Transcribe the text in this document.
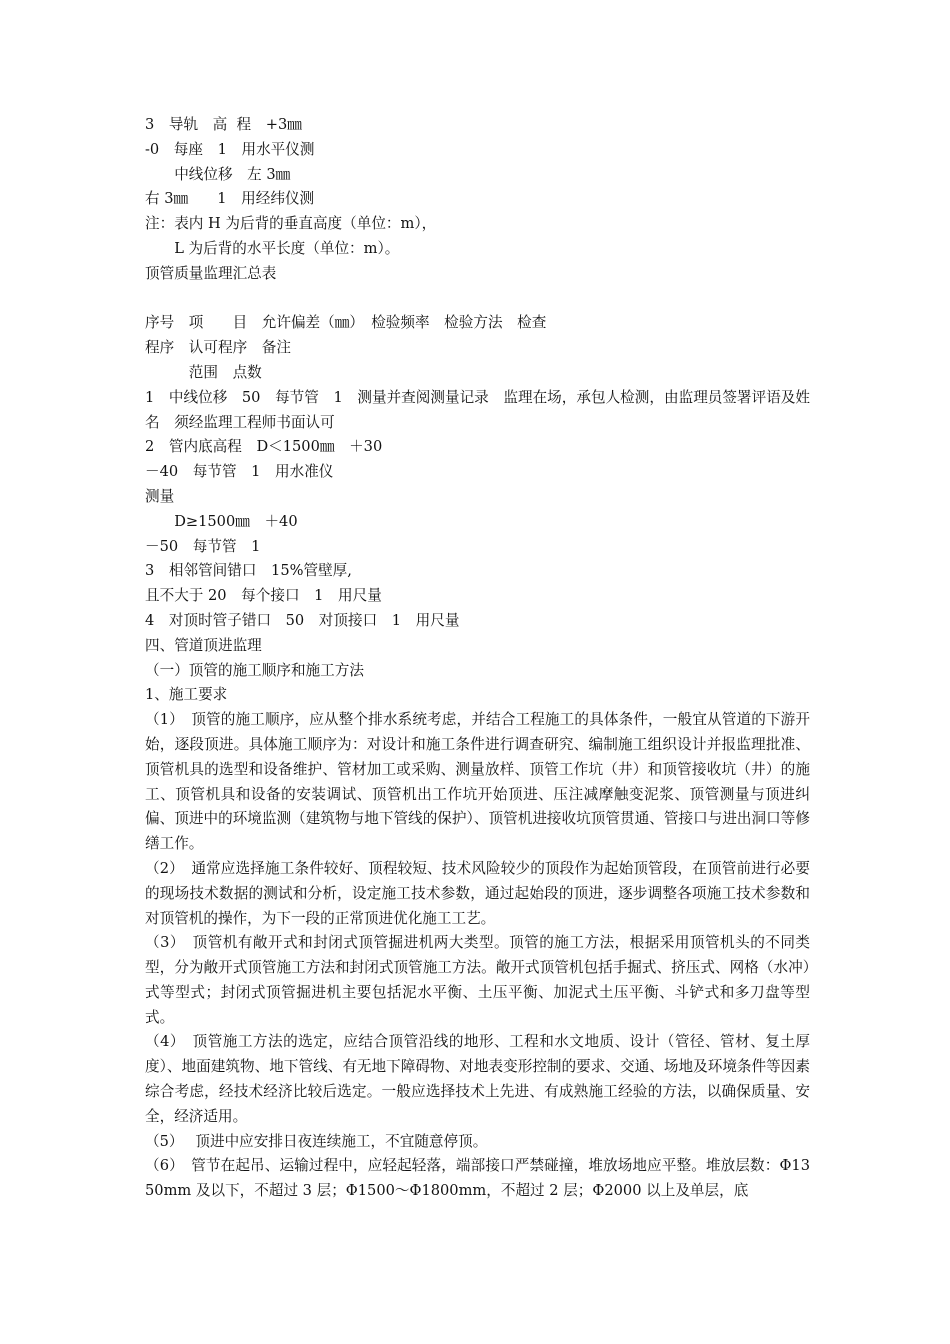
3　导轨　高  程　+3㎜

-0　每座　1　用水平仪测

　　中线位移　左 3㎜

右 3㎜　　1　用经纬仪测

注：表内 H 为后背的垂直高度（单位：m），

　　L 为后背的水平长度（单位：m）。

顶管质量监理汇总表

序号　项　　目　允许偏差（㎜）　检验频率　检验方法　检查

程序　认可程序　备注

　　　范围　点数

1　中线位移　50　每节管　1　测量并查阅测量记录　监理在场，承包人检测，由监理员签署评语及姓名　须经监理工程师书面认可

2　管内底高程　D＜1500㎜　＋30

－40　每节管　1　用水准仪

测量

　　D≥1500㎜　＋40

－50　每节管　1

3　相邻管间错口　15%管壁厚,

且不大于 20　每个接口　1　用尺量

4　对顶时管子错口　50　对顶接口　1　用尺量

四、管道顶进监理

（一）顶管的施工顺序和施工方法

1、施工要求

（1）　顶管的施工顺序，应从整个排水系统考虑，并结合工程施工的具体条件，一般宜从管道的下游开始，逐段顶进。具体施工顺序为：对设计和施工条件进行调查研究、编制施工组织设计并报监理批准、顶管机具的选型和设备维护、管材加工或采购、测量放样、顶管工作坑（井）和顶管接收坑（井）的施工、顶管机具和设备的安装调试、顶管机出工作坑开始顶进、压注减摩触变泥浆、顶管测量与顶进纠偏、顶进中的环境监测（建筑物与地下管线的保护）、顶管机进接收坑顶管贯通、管接口与进出洞口等修缮工作。

（2）　通常应选择施工条件较好、顶程较短、技术风险较少的顶段作为起始顶管段，在顶管前进行必要的现场技术数据的测试和分析，设定施工技术参数，通过起始段的顶进，逐步调整各项施工技术参数和对顶管机的操作，为下一段的正常顶进优化施工工艺。

（3）　顶管机有敞开式和封闭式顶管掘进机两大类型。顶管的施工方法，根据采用顶管机头的不同类型，分为敞开式顶管施工方法和封闭式顶管施工方法。敞开式顶管机包括手掘式、挤压式、网格（水冲）式等型式；封闭式顶管掘进机主要包括泥水平衡、土压平衡、加泥式土压平衡、斗铲式和多刀盘等型式。

（4）　顶管施工方法的选定，应结合顶管沿线的地形、工程和水文地质、设计（管径、管材、复土厚度）、地面建筑物、地下管线、有无地下障碍物、对地表变形控制的要求、交通、场地及环境条件等因素综合考虑，经技术经济比较后选定。一般应选择技术上先进、有成熟施工经验的方法，以确保质量、安全，经济适用。

（5）　 顶进中应安排日夜连续施工，不宜随意停顶。

（6）　管节在起吊、运输过程中，应轻起轻落，端部接口严禁碰撞，堆放场地应平整。堆放层数：Φ1350mm 及以下，不超过 3 层；Φ1500～Φ1800mm，不超过 2 层；Φ2000 以上及单层，底
